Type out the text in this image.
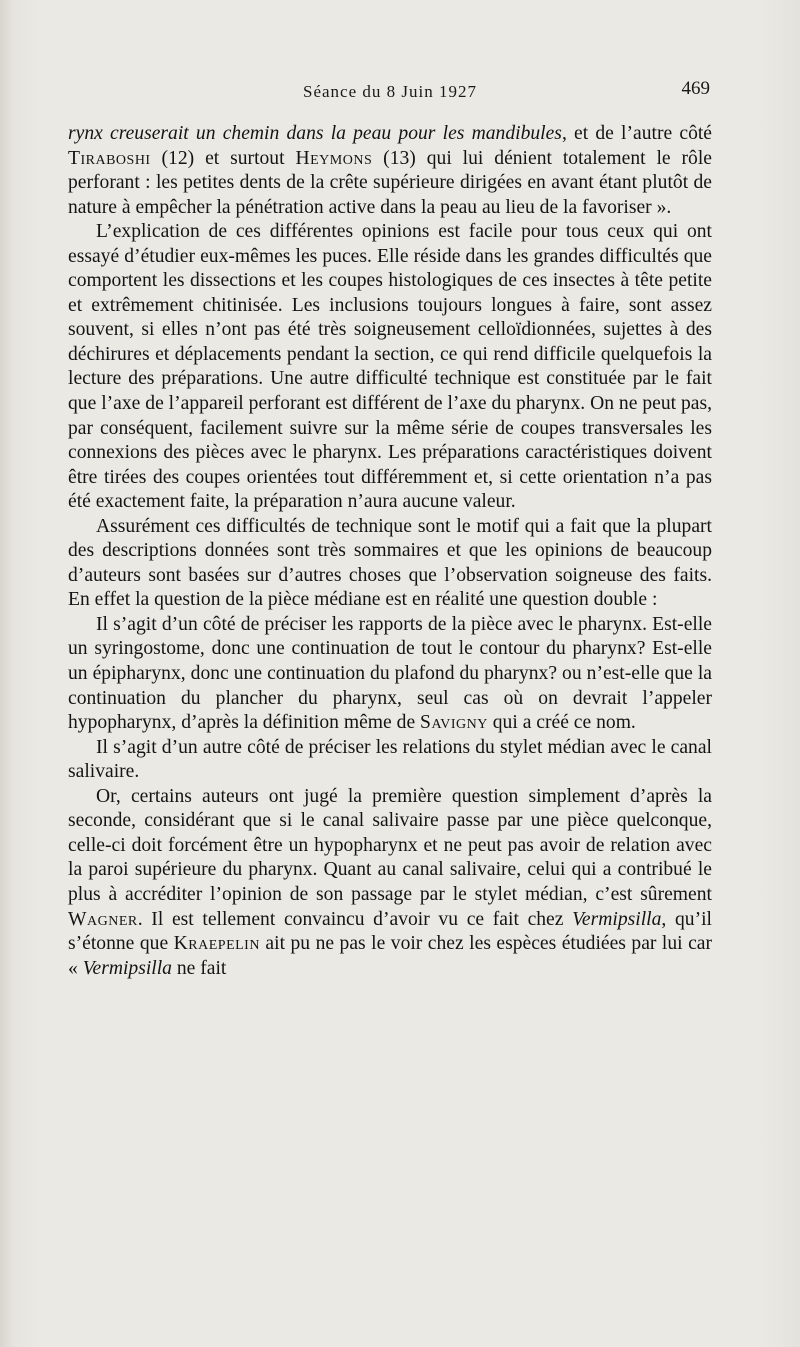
Séance du 8 Juin 1927	469

rynx creuserait un chemin dans la peau pour les mandibules, et de l’autre côté Tiraboshi (12) et surtout Heymons (13) qui lui dénient totalement le rôle perforant : les petites dents de la crête supérieure dirigées en avant étant plutôt de nature à empêcher la pénétration active dans la peau au lieu de la favoriser ».

L’explication de ces différentes opinions est facile pour tous ceux qui ont essayé d’étudier eux-mêmes les puces. Elle réside dans les grandes difficultés que comportent les dissections et les coupes histologiques de ces insectes à tête petite et extrêmement chitinisée. Les inclusions toujours longues à faire, sont assez souvent, si elles n’ont pas été très soigneusement celloïdionnées, sujettes à des déchirures et déplacements pendant la section, ce qui rend difficile quelquefois la lecture des préparations. Une autre difficulté technique est constituée par le fait que l’axe de l’appareil perforant est différent de l’axe du pharynx. On ne peut pas, par conséquent, facilement suivre sur la même série de coupes transversales les connexions des pièces avec le pharynx. Les préparations caractéristiques doivent être tirées des coupes orientées tout différemment et, si cette orientation n’a pas été exactement faite, la préparation n’aura aucune valeur.

Assurément ces difficultés de technique sont le motif qui a fait que la plupart des descriptions données sont très sommaires et que les opinions de beaucoup d’auteurs sont basées sur d’autres choses que l’observation soigneuse des faits. En effet la question de la pièce médiane est en réalité une question double :

Il s’agit d’un côté de préciser les rapports de la pièce avec le pharynx. Est-elle un syringostome, donc une continuation de tout le contour du pharynx? Est-elle un épipharynx, donc une continuation du plafond du pharynx? ou n’est-elle que la continuation du plancher du pharynx, seul cas où on devrait l’appeler hypopharynx, d’après la définition même de Savigny qui a créé ce nom.

Il s’agit d’un autre côté de préciser les relations du stylet médian avec le canal salivaire.

Or, certains auteurs ont jugé la première question simplement d’après la seconde, considérant que si le canal salivaire passe par une pièce quelconque, celle-ci doit forcément être un hypopharynx et ne peut pas avoir de relation avec la paroi supérieure du pharynx. Quant au canal salivaire, celui qui a contribué le plus à accréditer l’opinion de son passage par le stylet médian, c’est sûrement Wagner. Il est tellement convaincu d’avoir vu ce fait chez Vermipsilla, qu’il s’étonne que Kraepelin ait pu ne pas le voir chez les espèces étudiées par lui car « Vermipsilla ne fait
